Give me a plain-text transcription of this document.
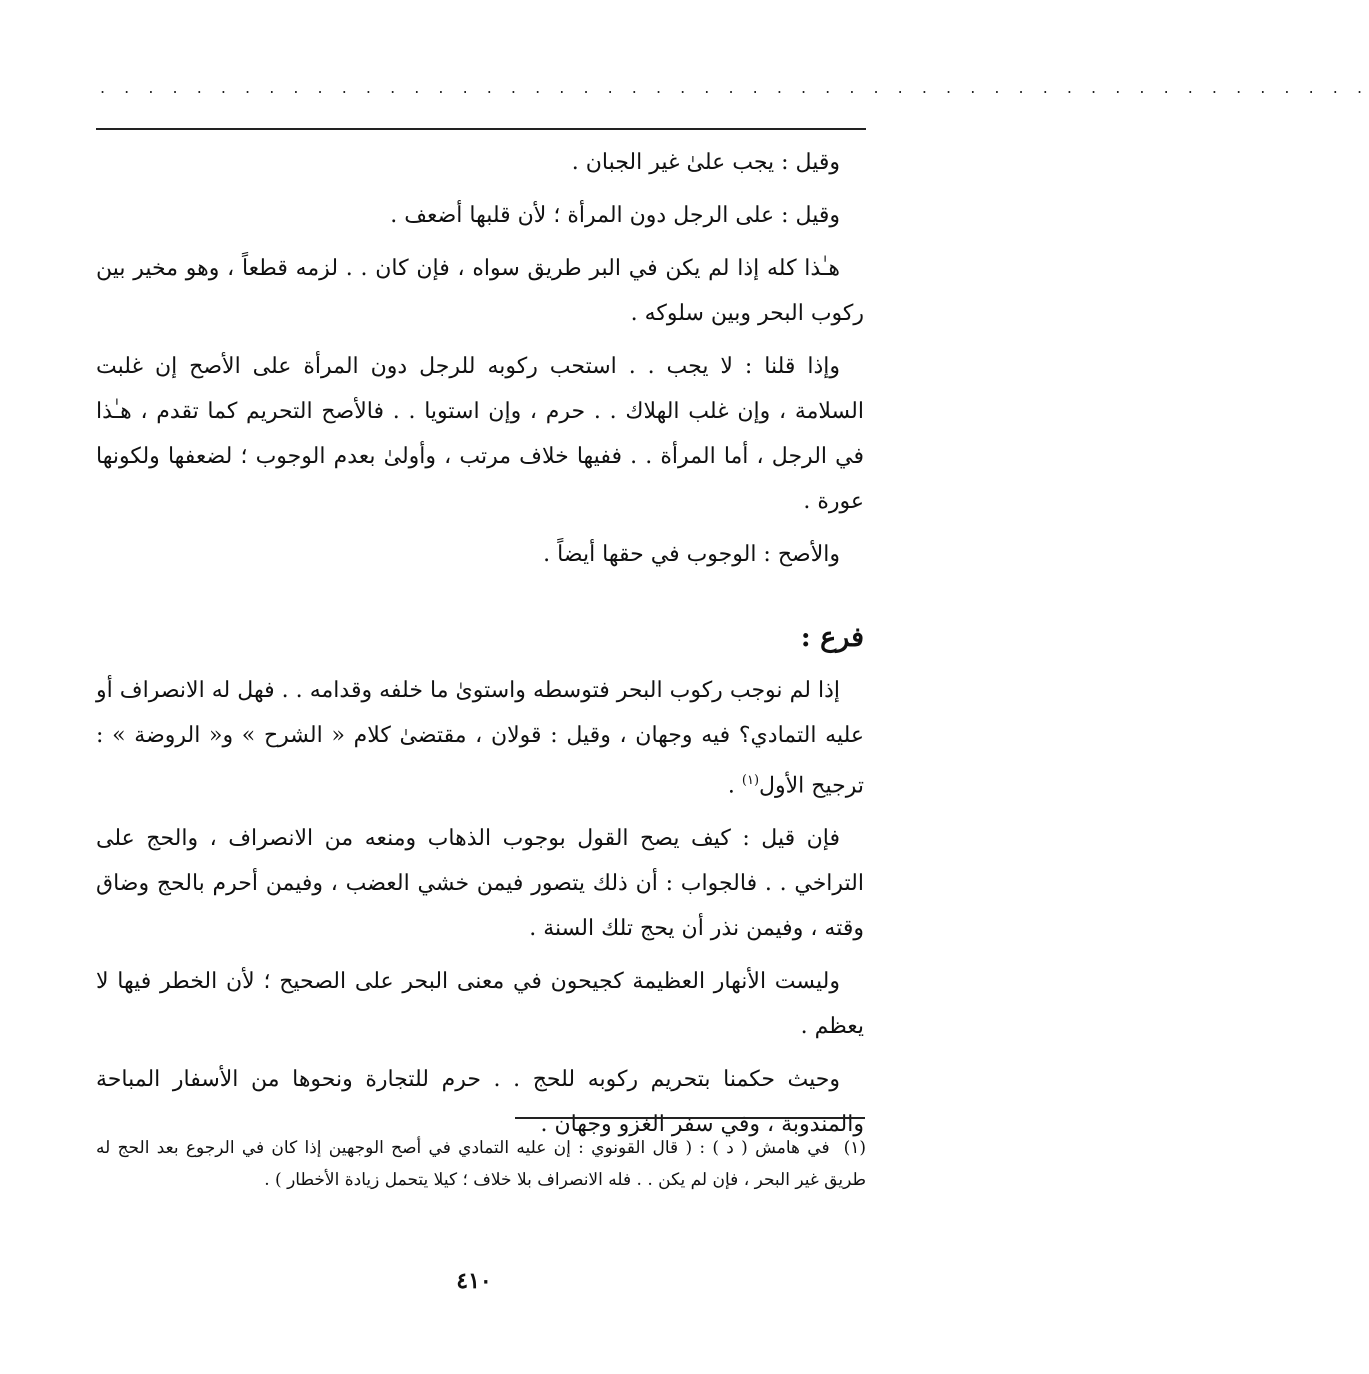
. . . . . . . . . . . . . . . . . . . . . . . . . . . . . . . . . . . . . . . . . . . . . . . . . . . . .

وقيل : يجب علىٰ غير الجبان .

وقيل : على الرجل دون المرأة ؛ لأن قلبها أضعف .

هـٰذا كله إذا لم يكن في البر طريق سواه ، فإن كان . . لزمه قطعاً ، وهو مخير بين ركوب البحر وبين سلوكه .

وإذا قلنا : لا يجب . . استحب ركوبه للرجل دون المرأة على الأصح إن غلبت السلامة ، وإن غلب الهلاك . . حرم ، وإن استويا . . فالأصح التحريم كما تقدم ، هـٰذا في الرجل ، أما المرأة . . ففيها خلاف مرتب ، وأولىٰ بعدم الوجوب ؛ لضعفها ولكونها عورة .

والأصح : الوجوب في حقها أيضاً .

فرع :

إذا لم نوجب ركوب البحر فتوسطه واستوىٰ ما خلفه وقدامه . . فهل له الانصراف أو عليه التمادي؟ فيه وجهان ، وقيل : قولان ، مقتضىٰ كلام « الشرح » و« الروضة » : ترجيح الأول$^{(١)}$ .

فإن قيل : كيف يصح القول بوجوب الذهاب ومنعه من الانصراف ، والحج على التراخي . . فالجواب : أن ذلك يتصور فيمن خشي العضب ، وفيمن أحرم بالحج وضاق وقته ، وفيمن نذر أن يحج تلك السنة .

وليست الأنهار العظيمة كجيحون في معنى البحر على الصحيح ؛ لأن الخطر فيها لا يعظم .

وحيث حكمنا بتحريم ركوبه للحج . . حرم للتجارة ونحوها من الأسفار المباحة والمندوبة ، وفي سفر الغزو وجهان .

(١)في هامش ( د ) : ( قال القونوي : إن عليه التمادي في أصح الوجهين إذا كان في الرجوع بعد الحج له طريق غير البحر ، فإن لم يكن . . فله الانصراف بلا خلاف ؛ كيلا يتحمل زيادة الأخطار ) .
٤١٠
